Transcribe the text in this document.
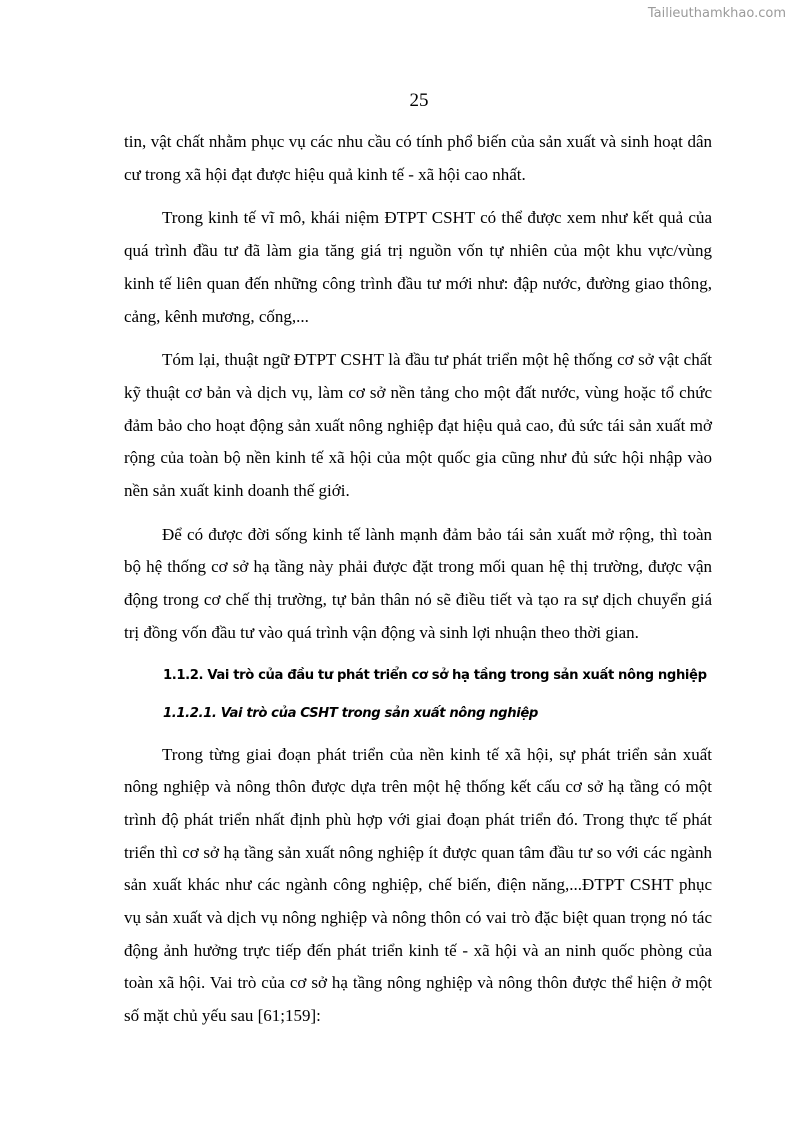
Tailieuthamkhao.com
25

tin, vật chất nhằm phục vụ các nhu cầu có tính phổ biến của sản xuất và sinh hoạt dân cư trong xã hội đạt được hiệu quả kinh tế - xã hội cao nhất.

Trong kinh tế vĩ mô, khái niệm ĐTPT CSHT có thể được xem như kết quả của quá trình đầu tư đã làm gia tăng giá trị nguồn vốn tự nhiên của một khu vực/vùng kinh tế liên quan đến những công trình đầu tư mới như: đập nước, đường giao thông, cảng, kênh mương, cống,...

Tóm lại, thuật ngữ ĐTPT CSHT là đầu tư phát triển một hệ thống cơ sở vật chất kỹ thuật cơ bản và dịch vụ, làm cơ sở nền tảng cho một đất nước, vùng hoặc tổ chức đảm bảo cho hoạt động sản xuất nông nghiệp đạt hiệu quả cao, đủ sức tái sản xuất mở rộng của toàn bộ nền kinh tế xã hội của một quốc gia cũng như đủ sức hội nhập vào nền sản xuất kinh doanh thế giới.

Để có được đời sống kinh tế lành mạnh đảm bảo tái sản xuất mở rộng, thì toàn bộ hệ thống cơ sở hạ tầng này phải được đặt trong mối quan hệ thị trường, được vận động trong cơ chế thị trường, tự bản thân nó sẽ điều tiết và tạo ra sự dịch chuyển giá trị đồng vốn đầu tư vào quá trình vận động và sinh lợi nhuận theo thời gian.

1.1.2. Vai trò của đầu tư phát triển cơ sở hạ tầng trong sản xuất nông nghiệp
1.1.2.1. Vai trò của CSHT trong sản xuất nông nghiệp

Trong từng giai đoạn phát triển của nền kinh tế xã hội, sự phát triển sản xuất nông nghiệp và nông thôn được dựa trên một hệ thống kết cấu cơ sở hạ tầng có một trình độ phát triển nhất định phù hợp với giai đoạn phát triển đó. Trong thực tế phát triển thì cơ sở hạ tầng sản xuất nông nghiệp ít được quan tâm đầu tư so với các ngành sản xuất khác như các ngành công nghiệp, chế biến, điện năng,...ĐTPT CSHT phục vụ sản xuất và dịch vụ nông nghiệp và nông thôn có vai trò đặc biệt quan trọng nó tác động ảnh hưởng trực tiếp đến phát triển kinh tế - xã hội và an ninh quốc phòng của toàn xã hội. Vai trò của cơ sở hạ tầng nông nghiệp và nông thôn được thể hiện ở một số mặt chủ yếu sau [61;159]:
